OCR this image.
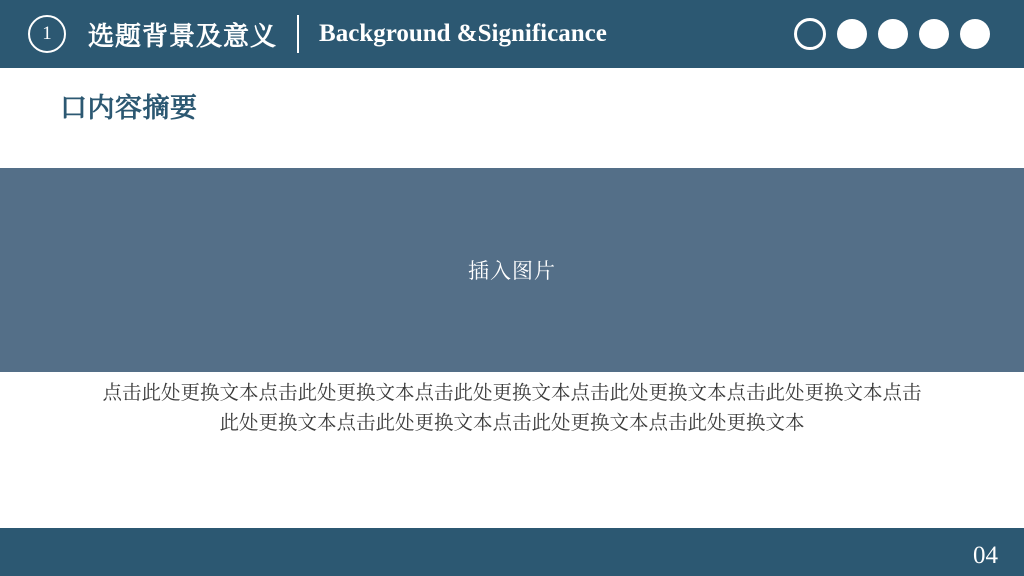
1	选题背景及意义 Background &Significance
口内容摘要
插入图片
点击此处更换文本点击此处更换文本点击此处更换文本点击此处更换文本点击此处更换文本点击此处更换文本点击此处更换文本点击此处更换文本点击此处更换文本
04
